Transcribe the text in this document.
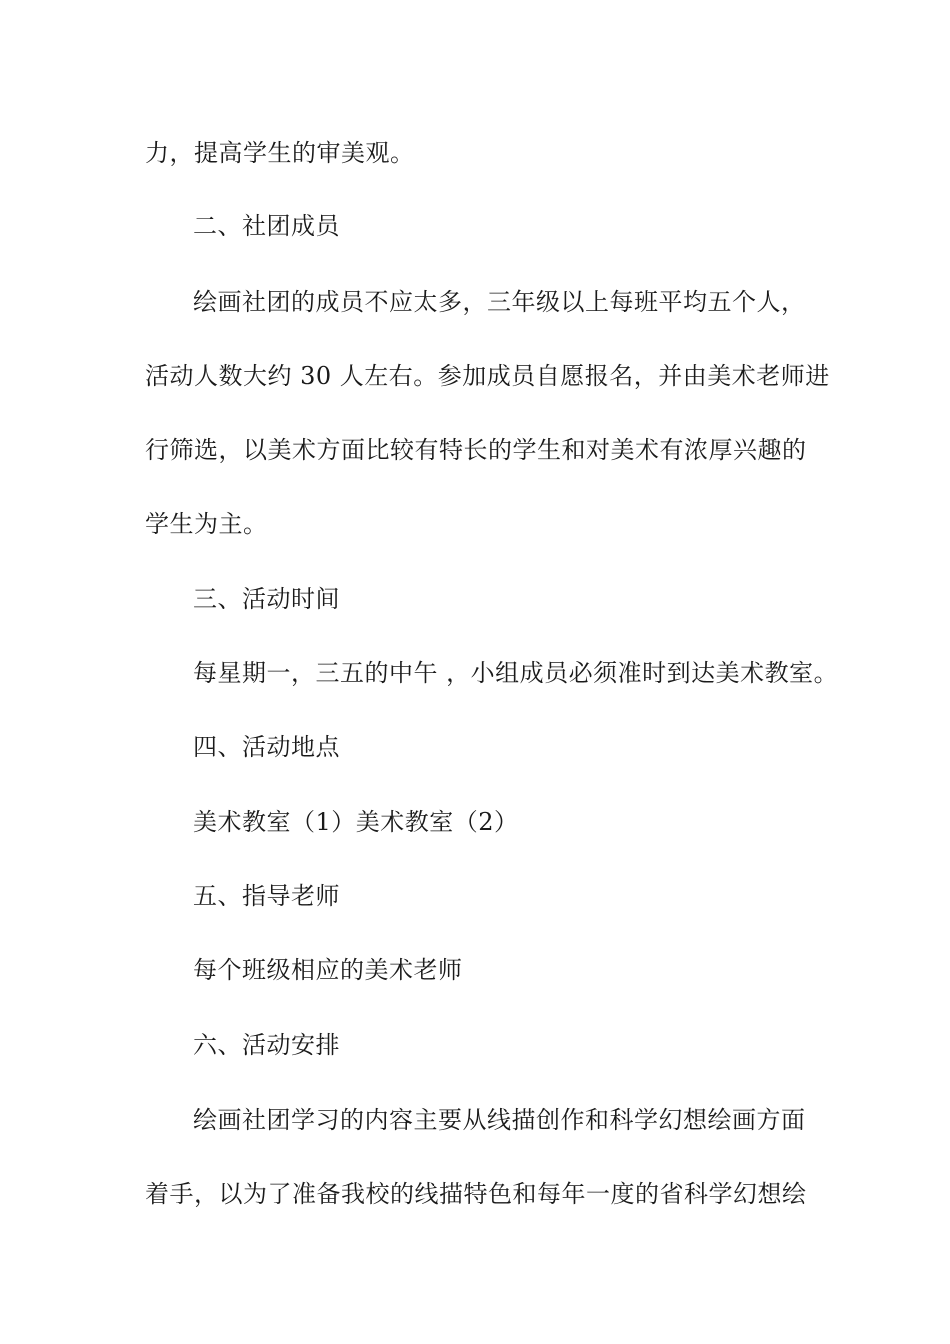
力，提高学生的审美观。
二、社团成员
绘画社团的成员不应太多，三年级以上每班平均五个人，
活动人数大约 30 人左右。参加成员自愿报名，并由美术老师进
行筛选，以美术方面比较有特长的学生和对美术有浓厚兴趣的
学生为主。
三、活动时间
每星期一，三五的中午 ，小组成员必须准时到达美术教室。
四、活动地点
美术教室（1）美术教室（2）
五、指导老师
每个班级相应的美术老师
六、活动安排
绘画社团学习的内容主要从线描创作和科学幻想绘画方面
着手，以为了准备我校的线描特色和每年一度的省科学幻想绘
